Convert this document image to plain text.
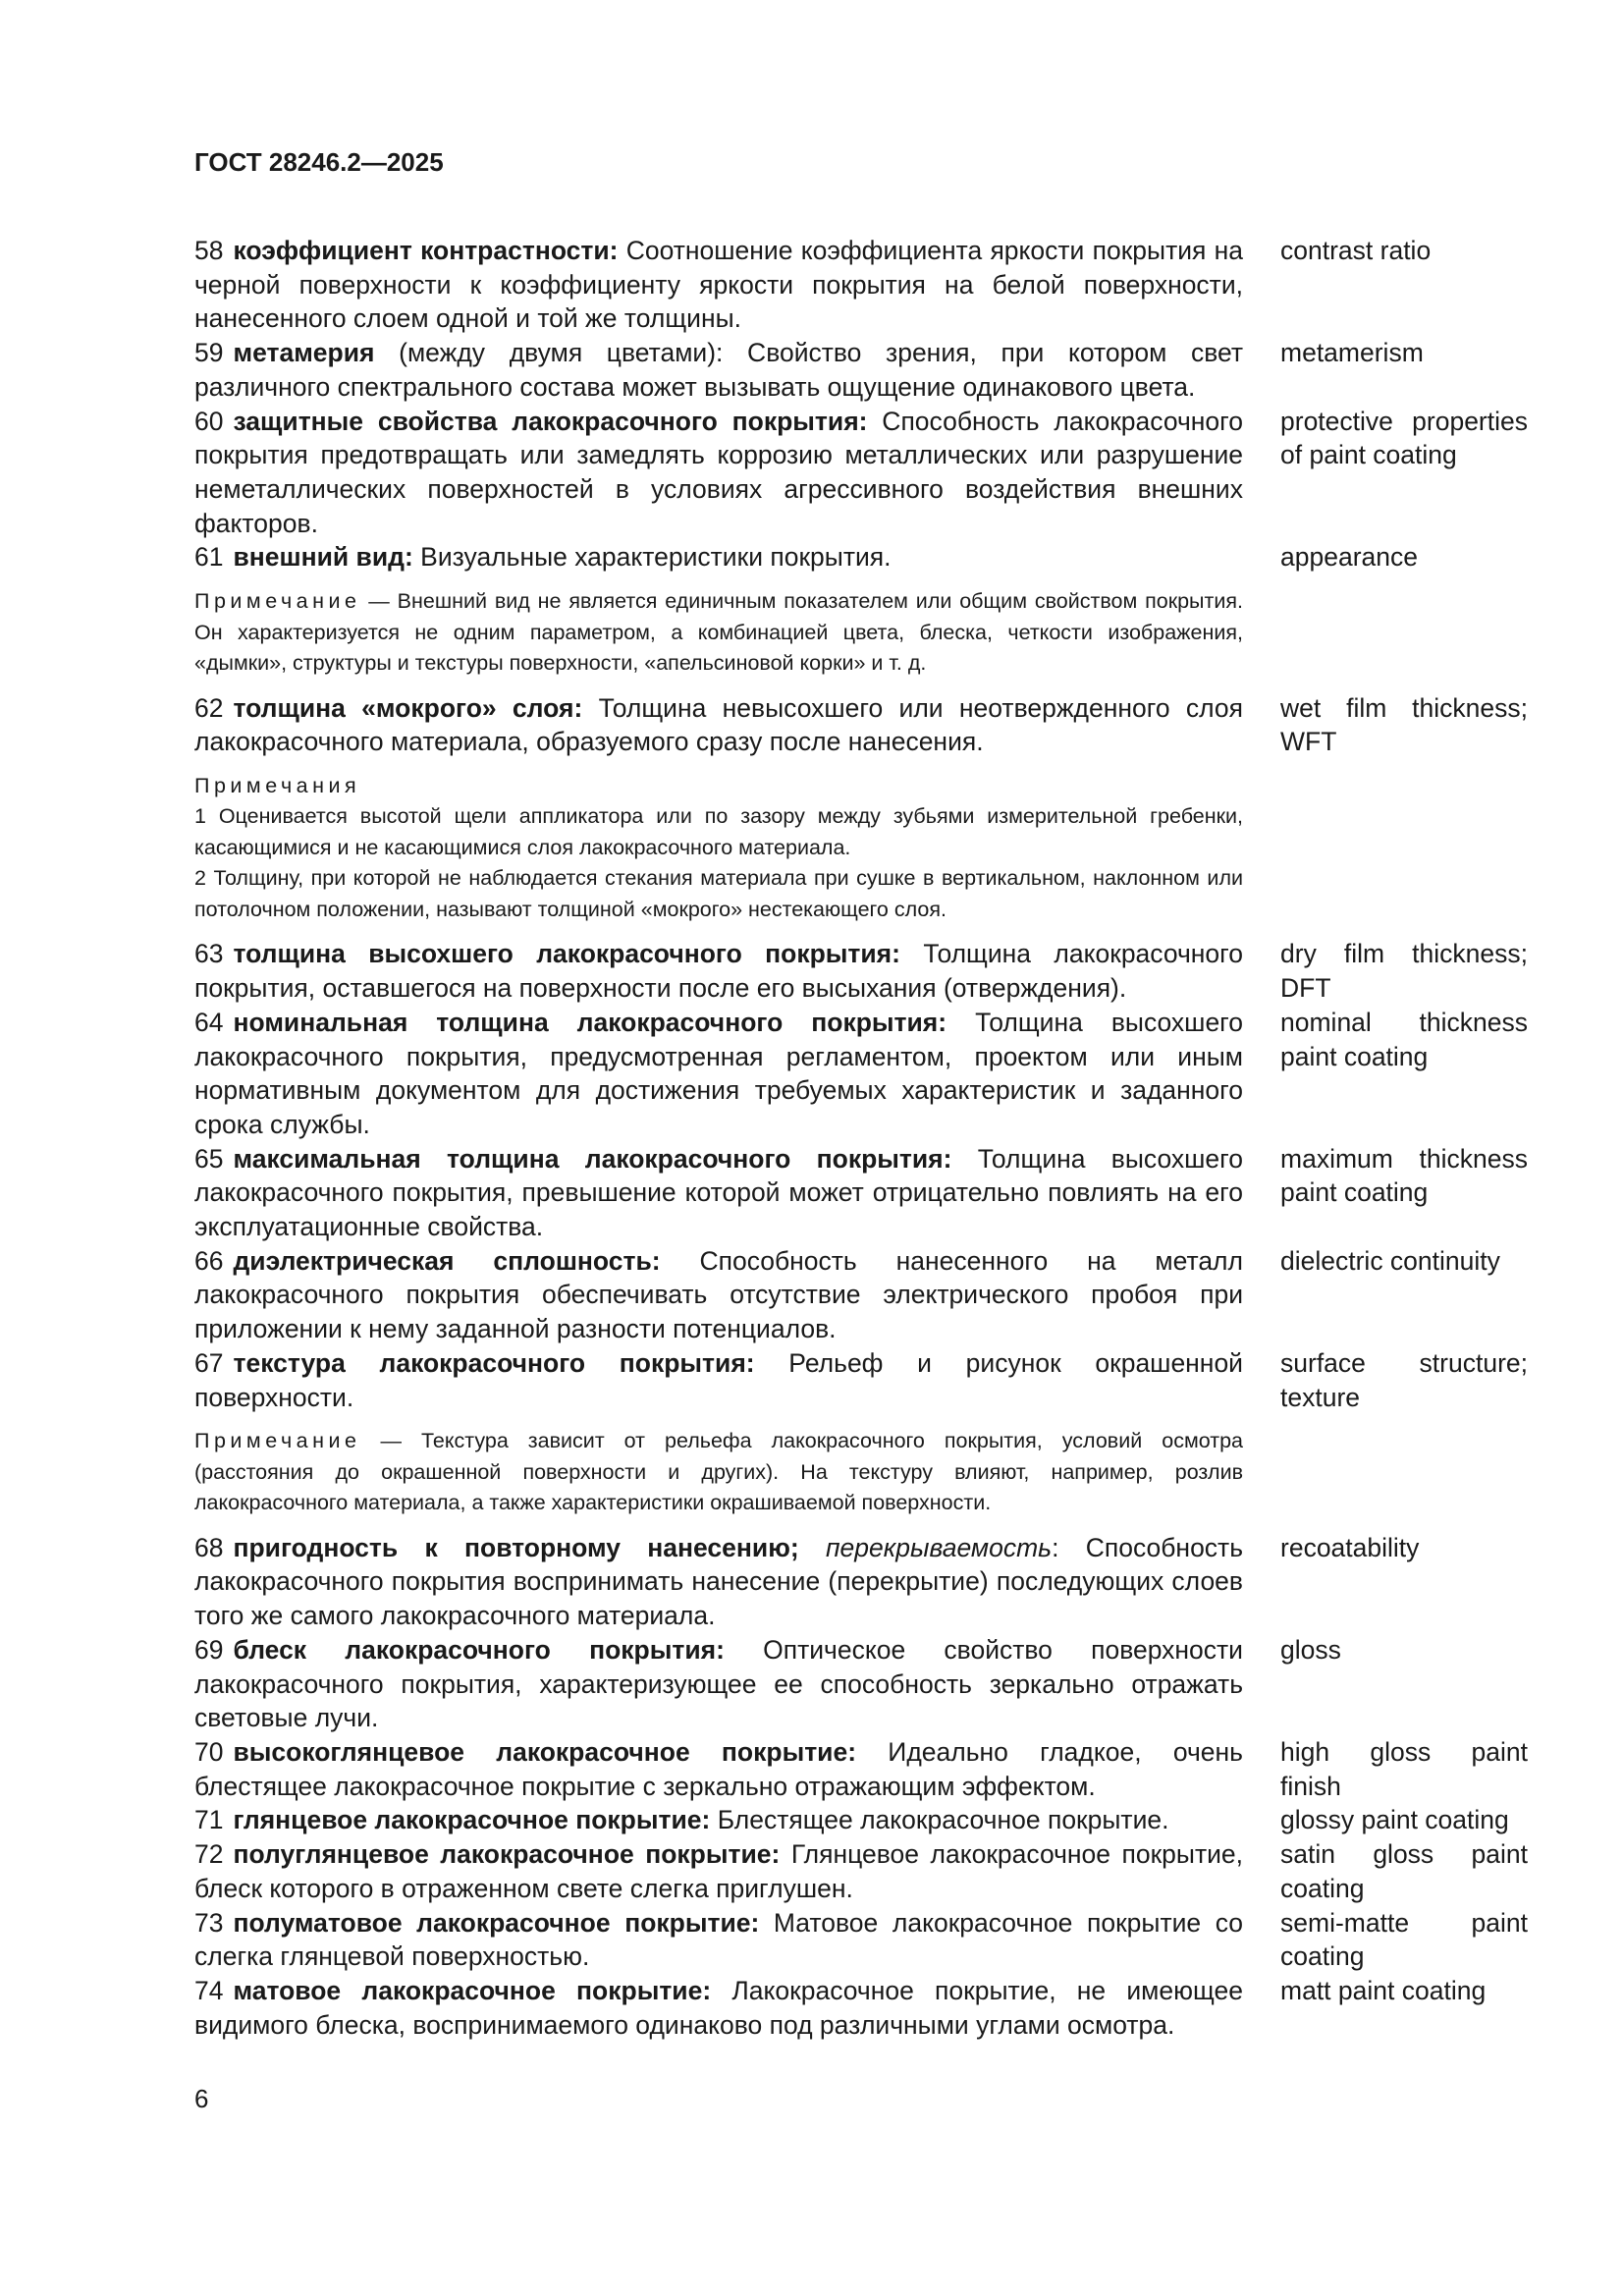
ГОСТ 28246.2—2025
58 коэффициент контрастности: Соотношение коэффициента яркости покрытия на черной поверхности к коэффициенту яркости покрытия на белой поверхности, нанесенного слоем одной и той же толщины.
contrast ratio
59 метамерия (между двумя цветами): Свойство зрения, при котором свет различного спектрального состава может вызывать ощущение одинакового цвета.
metamerism
60 защитные свойства лакокрасочного покрытия: Способность лакокрасочного покрытия предотвращать или замедлять коррозию металлических или разрушение неметаллических поверхностей в условиях агрессивного воздействия внешних факторов.
protective properties of paint coating
61 внешний вид: Визуальные характеристики покрытия.	appearance
Примечание — Внешний вид не является единичным показателем или общим свойством покрытия. Он характеризуется не одним параметром, а комбинацией цвета, блеска, четкости изображения, «дымки», структуры и текстуры поверхности, «апельсиновой корки» и т. д.
62 толщина «мокрого» слоя: Толщина невысохшего или неотвержденного слоя лакокрасочного материала, образуемого сразу после нанесения.
wet film thickness; WFT
Примечания
1 Оценивается высотой щели аппликатора или по зазору между зубьями измерительной гребенки, касающимися и не касающимися слоя лакокрасочного материала.
2 Толщину, при которой не наблюдается стекания материала при сушке в вертикальном, наклонном или потолочном положении, называют толщиной «мокрого» нестекающего слоя.
63 толщина высохшего лакокрасочного покрытия: Толщина лакокрасочного покрытия, оставшегося на поверхности после его высыхания (отверждения).
dry film thickness; DFT
64 номинальная толщина лакокрасочного покрытия: Толщина высохшего лакокрасочного покрытия, предусмотренная регламентом, проектом или иным нормативным документом для достижения требуемых характеристик и заданного срока службы.
nominal thickness paint coating
65 максимальная толщина лакокрасочного покрытия: Толщина высохшего лакокрасочного покрытия, превышение которой может отрицательно повлиять на его эксплуатационные свойства.
maximum thickness paint coating
66 диэлектрическая сплошность: Способность нанесенного на металл лакокрасочного покрытия обеспечивать отсутствие электрического пробоя при приложении к нему заданной разности потенциалов.
dielectric continuity
67 текстура лакокрасочного покрытия: Рельеф и рисунок окрашенной поверхности.
surface structure; texture
Примечание — Текстура зависит от рельефа лакокрасочного покрытия, условий осмотра (расстояния до окрашенной поверхности и других). На текстуру влияют, например, розлив лакокрасочного материала, а также характеристики окрашиваемой поверхности.
68 пригодность к повторному нанесению; перекрываемость: Способность лакокрасочного покрытия воспринимать нанесение (перекрытие) последующих слоев того же самого лакокрасочного материала.
recoatability
69 блеск лакокрасочного покрытия: Оптическое свойство поверхности лакокрасочного покрытия, характеризующее ее способность зеркально отражать световые лучи.
gloss
70 высокоглянцевое лакокрасочное покрытие: Идеально гладкое, очень блестящее лакокрасочное покрытие с зеркально отражающим эффектом.
high gloss paint finish
71 глянцевое лакокрасочное покрытие: Блестящее лакокрасочное покрытие.	glossy paint coating
72 полуглянцевое лакокрасочное покрытие: Глянцевое лакокрасочное покрытие, блеск которого в отраженном свете слегка приглушен.
satin gloss paint coating
73 полуматовое лакокрасочное покрытие: Матовое лакокрасочное покрытие со слегка глянцевой поверхностью.
semi-matte paint coating
74 матовое лакокрасочное покрытие: Лакокрасочное покрытие, не имеющее видимого блеска, воспринимаемого одинаково под различными углами осмотра.
matt paint coating
6
